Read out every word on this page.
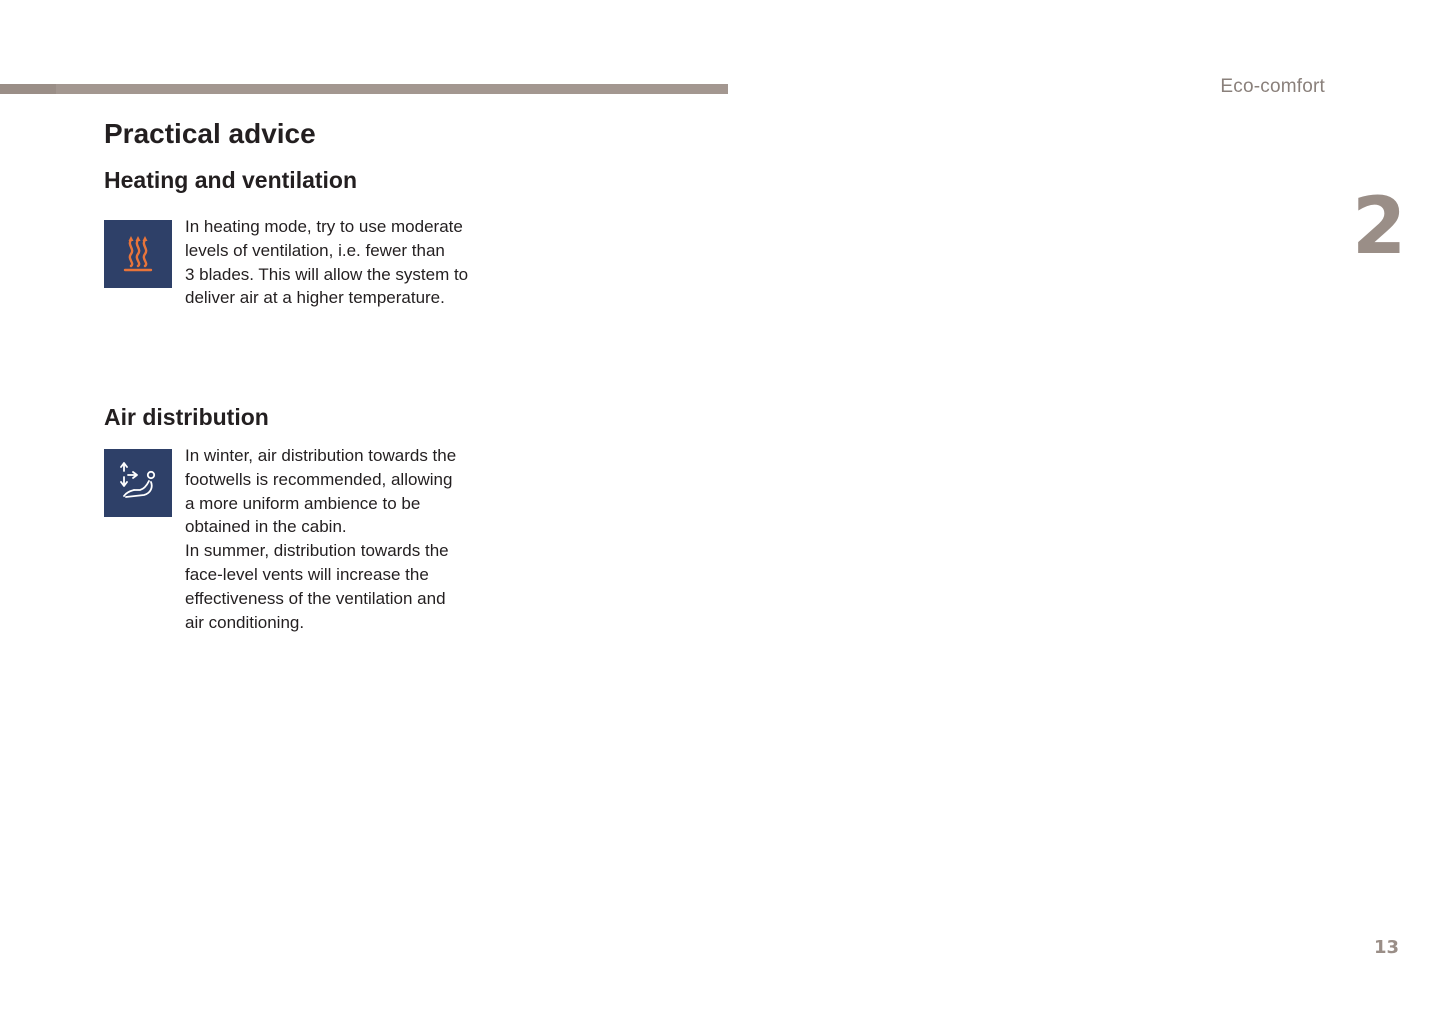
Eco-comfort
2
Practical advice
Heating and ventilation

In heating mode, try to use moderate
levels of ventilation, i.e. fewer than
3 blades. This will allow the system to
deliver air at a higher temperature.

Air distribution

In winter, air distribution towards the
footwells is recommended, allowing
a more uniform ambience to be
obtained in the cabin.
In summer, distribution towards the
face-level vents will increase the
effectiveness of the ventilation and
air conditioning.

13
